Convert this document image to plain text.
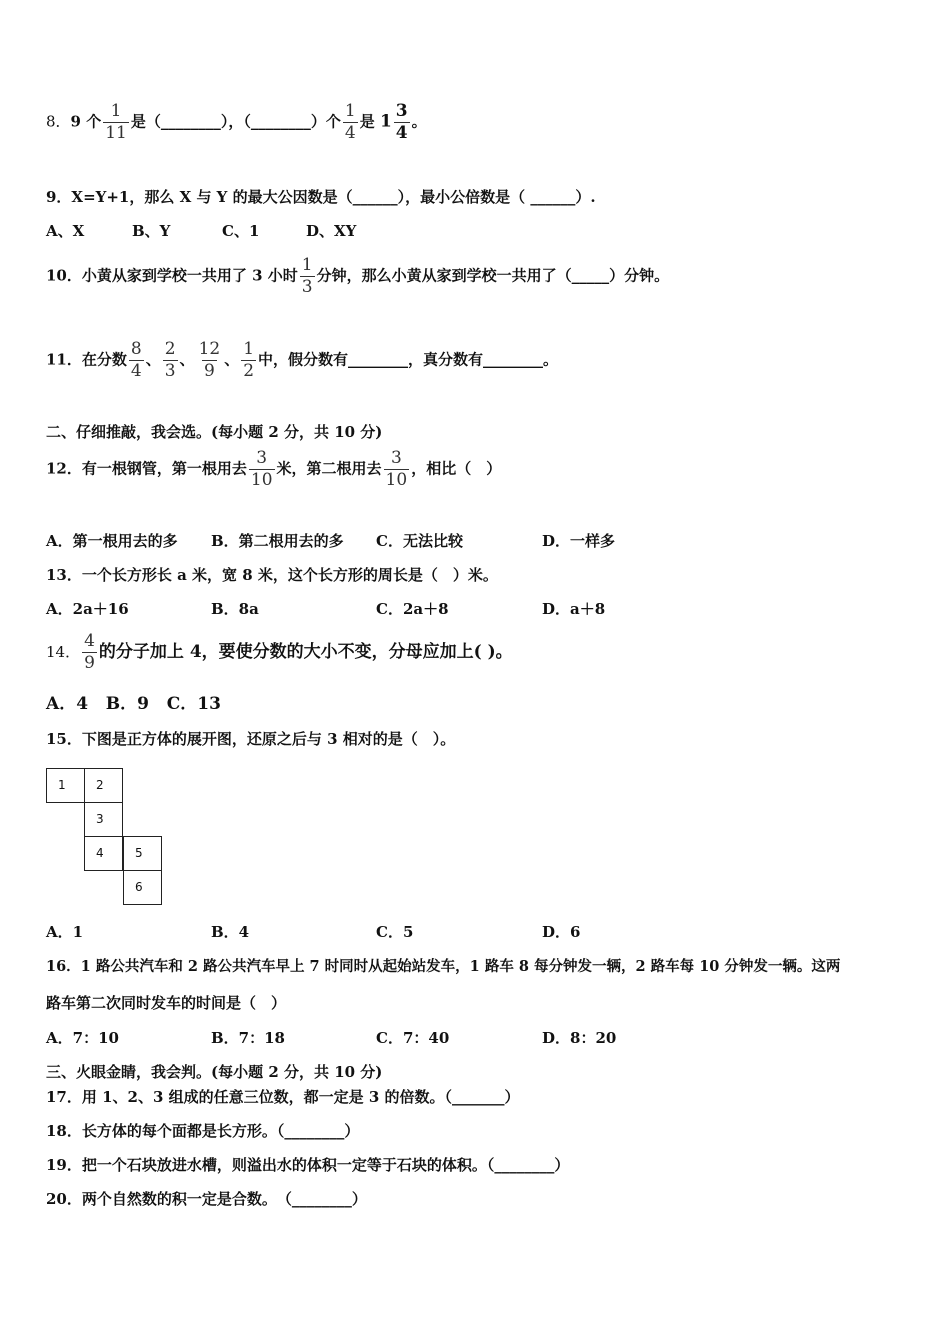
8．9 个 $\frac{1}{11}$ 是（________），（________）个 $\frac{1}{4}$ 是 $1 \frac{3}{4}$ 。
9．X=Y+1，那么 X 与 Y 的最大公因数是（______），最小公倍数是（ ______）.
A、X	B、Y	C、1	D、XY
10．小黄从家到学校一共用了 3 小时 $\frac{1}{3}$ 分钟，那么小黄从家到学校一共用了（_____）分钟。
11．在分数 $\frac{8}{4}$ 、 $\frac{2}{3}$ 、 $\frac{12}{9}$ 、 $\frac{1}{2}$ 中，假分数有________，真分数有________。
二、仔细推敲，我会选。(每小题 2 分，共 10 分)
12．有一根钢管，第一根用去 $\frac{3}{10}$ 米，第二根用去 $\frac{3}{10}$ ，相比（　）
A．第一根用去的多 B．第二根用去的多 C．无法比较	D．一样多
13．一个长方形长 a 米，宽 8 米，这个长方形的周长是（　）米。
A．2a＋16	B．8a	C．2a＋8	D．a＋8
14． $\frac{4}{9}$ 的分子加上 4，要使分数的大小不变，分母应加上( )。
A．4   B．9   C．13
15．下图是正方体的展开图，还原之后与 3 相对的是（　）。
1	2
3
4	5
6
A．1	B．4	C．5	D．6
16．1 路公共汽车和 2 路公共汽车早上 7 时同时从起始站发车，1 路车 8 每分钟发一辆，2 路车每 10 分钟发一辆。这两
路车第二次同时发车的时间是（　）
A．7：10	B．7：18	C．7：40	D．8：20
三、火眼金睛，我会判。(每小题 2 分，共 10 分)
17．用 1、2、3 组成的任意三位数，都一定是 3 的倍数。（_______）
18．长方体的每个面都是长方形。（________）
19．把一个石块放进水槽，则溢出水的体积一定等于石块的体积。（________）
20．两个自然数的积一定是合数。　（________）
